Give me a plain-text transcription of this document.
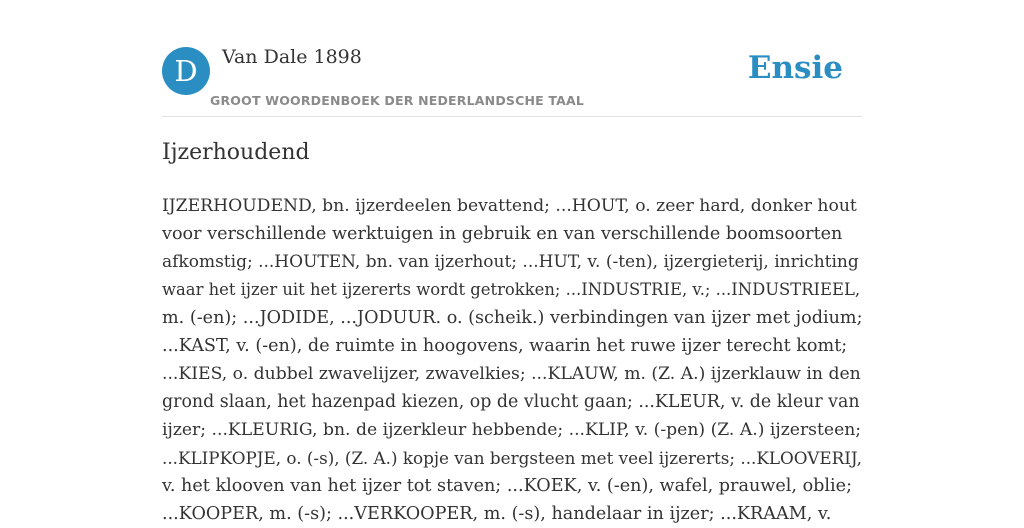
D	Van Dale 1898
GROOT WOORDENBOEK DER NEDERLANDSCHE TAAL
Ensie
Ijzerhoudend
IJZERHOUDEND, bn. ijzerdeelen bevattend; ...HOUT, o. zeer hard, donker hout
voor verschillende werktuigen in gebruik en van verschillende boomsoorten
afkomstig; ...HOUTEN, bn. van ijzerhout; ...HUT, v. (-ten), ijzergieterij, inrichting
waar het ijzer uit het ijzererts wordt getrokken; ...INDUSTRIE, v.; ...INDUSTRIEEL,
m. (-en); ...JODIDE, ...JODUUR. o. (scheik.) verbindingen van ijzer met jodium;
...KAST, v. (-en), de ruimte in hoogovens, waarin het ruwe ijzer terecht komt;
...KIES, o. dubbel zwavelijzer, zwavelkies; ...KLAUW, m. (Z. A.) ijzerklauw in den
grond slaan, het hazenpad kiezen, op de vlucht gaan; ...KLEUR, v. de kleur van
ijzer; ...KLEURIG, bn. de ijzerkleur hebbende; ...KLIP, v. (-pen) (Z. A.) ijzersteen;
...KLIPKOPJE, o. (-s), (Z. A.) kopje van bergsteen met veel ijzererts; ...KLOOVERIJ,
v. het klooven van het ijzer tot staven; ...KOEK, v. (-en), wafel, prauwel, oblie;
...KOOPER, m. (-s); ...VERKOOPER, m. (-s), handelaar in ijzer; ...KRAAM, v.
